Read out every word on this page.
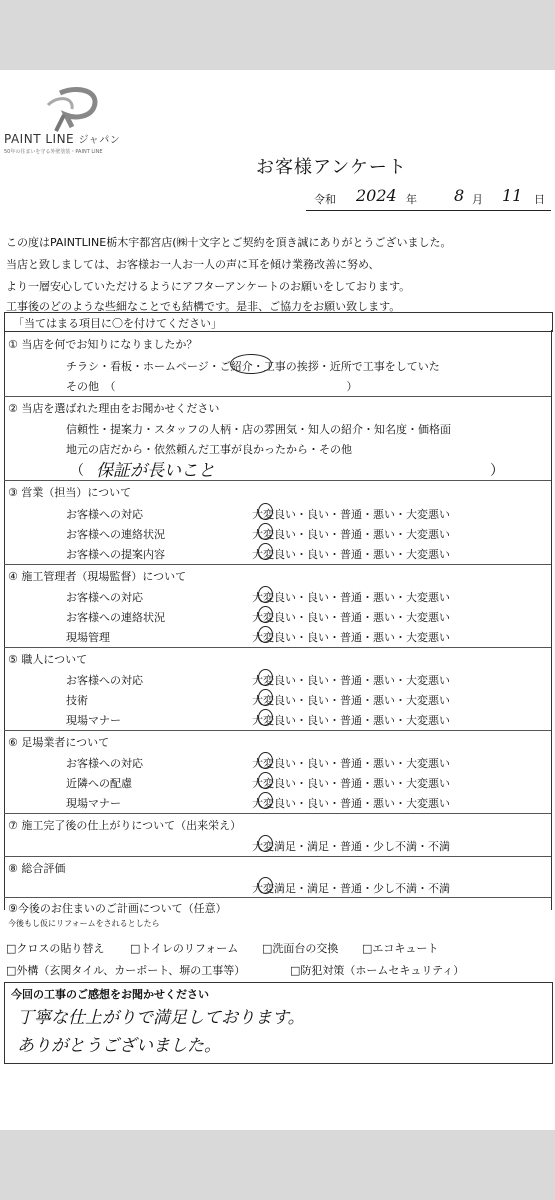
PAINT LINE ジャパン
50年の住まいを守る外壁塗装・PAINT LINE
お客様アンケート
令和 2024 年 8 月 11 日
この度はPAINTLINE栃木宇都宮店(㈱十文字とご契約を頂き誠にありがとうございました。
当店と致しましては、お客様お一人お一人の声に耳を傾け業務改善に努め、
より一層安心していただけるようにアフターアンケートのお願いをしております。
工事後のどのような些細なことでも結構です。是非、ご協力をお願い致します。
「当てはまる項目に〇を付けてください」
① 当店を何でお知りになりましたか？
チラシ・看板・ホームページ・ご紹介・工事の挨拶・近所で工事をしていた
その他　（　　　　　　　　　　　　　　　　　　　　　）
② 当店を選ばれた理由をお聞かせください
信頼性・提案力・スタッフの人柄・店の雰囲気・知人の紹介・知名度・価格面
地元の店だから・依然頼んだ工事が良かったから・その他
（ 保証が長いこと	）
③ 営業（担当）について
お客様への対応	大変良い・良い・普通・悪い・大変悪い
お客様への連絡状況	大変良い・良い・普通・悪い・大変悪い
お客様への提案内容	大変良い・良い・普通・悪い・大変悪い
④ 施工管理者（現場監督）について
お客様への対応	大変良い・良い・普通・悪い・大変悪い
お客様への連絡状況	大変良い・良い・普通・悪い・大変悪い
現場管理	大変良い・良い・普通・悪い・大変悪い
⑤ 職人について
お客様への対応	大変良い・良い・普通・悪い・大変悪い
技術	大変良い・良い・普通・悪い・大変悪い
現場マナー	大変良い・良い・普通・悪い・大変悪い
⑥ 足場業者について
お客様への対応	大変良い・良い・普通・悪い・大変悪い
近隣への配慮	大変良い・良い・普通・悪い・大変悪い
現場マナー	大変良い・良い・普通・悪い・大変悪い
⑦ 施工完了後の仕上がりについて（出来栄え）
大変満足・満足・普通・少し不満・不満
⑧ 総合評価
大変満足・満足・普通・少し不満・不満
⑨今後のお住まいのご計画について（任意）
今後もし仮にリフォームをされるとしたら
□クロスの貼り替え □トイレのリフォーム □洗面台の交換 □エコキュート
□外構（玄関タイル、カーポート、塀の工事等）	□防犯対策（ホームセキュリティ）
今回の工事のご感想をお聞かせください
丁寧な仕上がりで満足しております。
ありがとうございました。
